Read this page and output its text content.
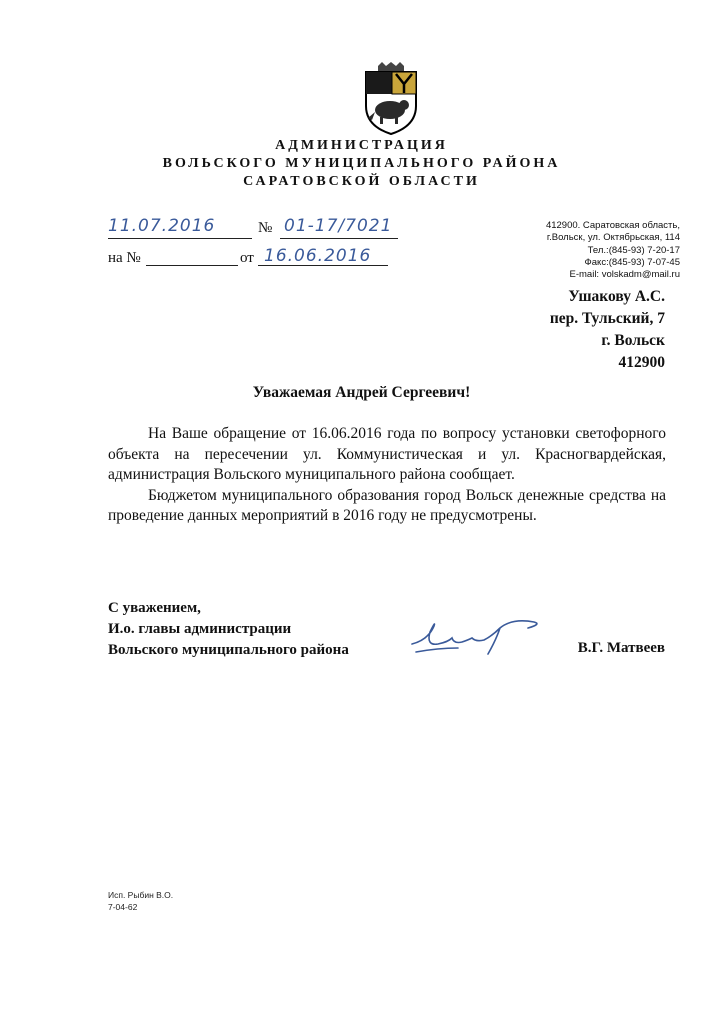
АДМИНИСТРАЦИЯ
ВОЛЬСКОГО МУНИЦИПАЛЬНОГО РАЙОНА
САРАТОВСКОЙ ОБЛАСТИ
11.07.2016	№ 01-17/7021
на №	от 16.06.2016
412900. Саратовская область,
г.Вольск, ул. Октябрьская, 114
Тел.:(845-93) 7-20-17
Факс:(845-93) 7-07-45
E-mail: volskadm@mail.ru
Ушакову А.С.
пер. Тульский, 7
г. Вольск
412900
Уважаемая Андрей Сергеевич!

На Ваше обращение от 16.06.2016 года по вопросу установки светофорного объекта на пересечении ул. Коммунистическая и ул. Красногвардейская, администрация Вольского муниципального района сообщает.

Бюджетом муниципального образования город Вольск денежные средства на проведение данных мероприятий в 2016 году не предусмотрены.

С уважением,
И.о. главы администрации
Вольского муниципального района	В.Г. Матвеев
Исп. Рыбин В.О.
7-04-62
